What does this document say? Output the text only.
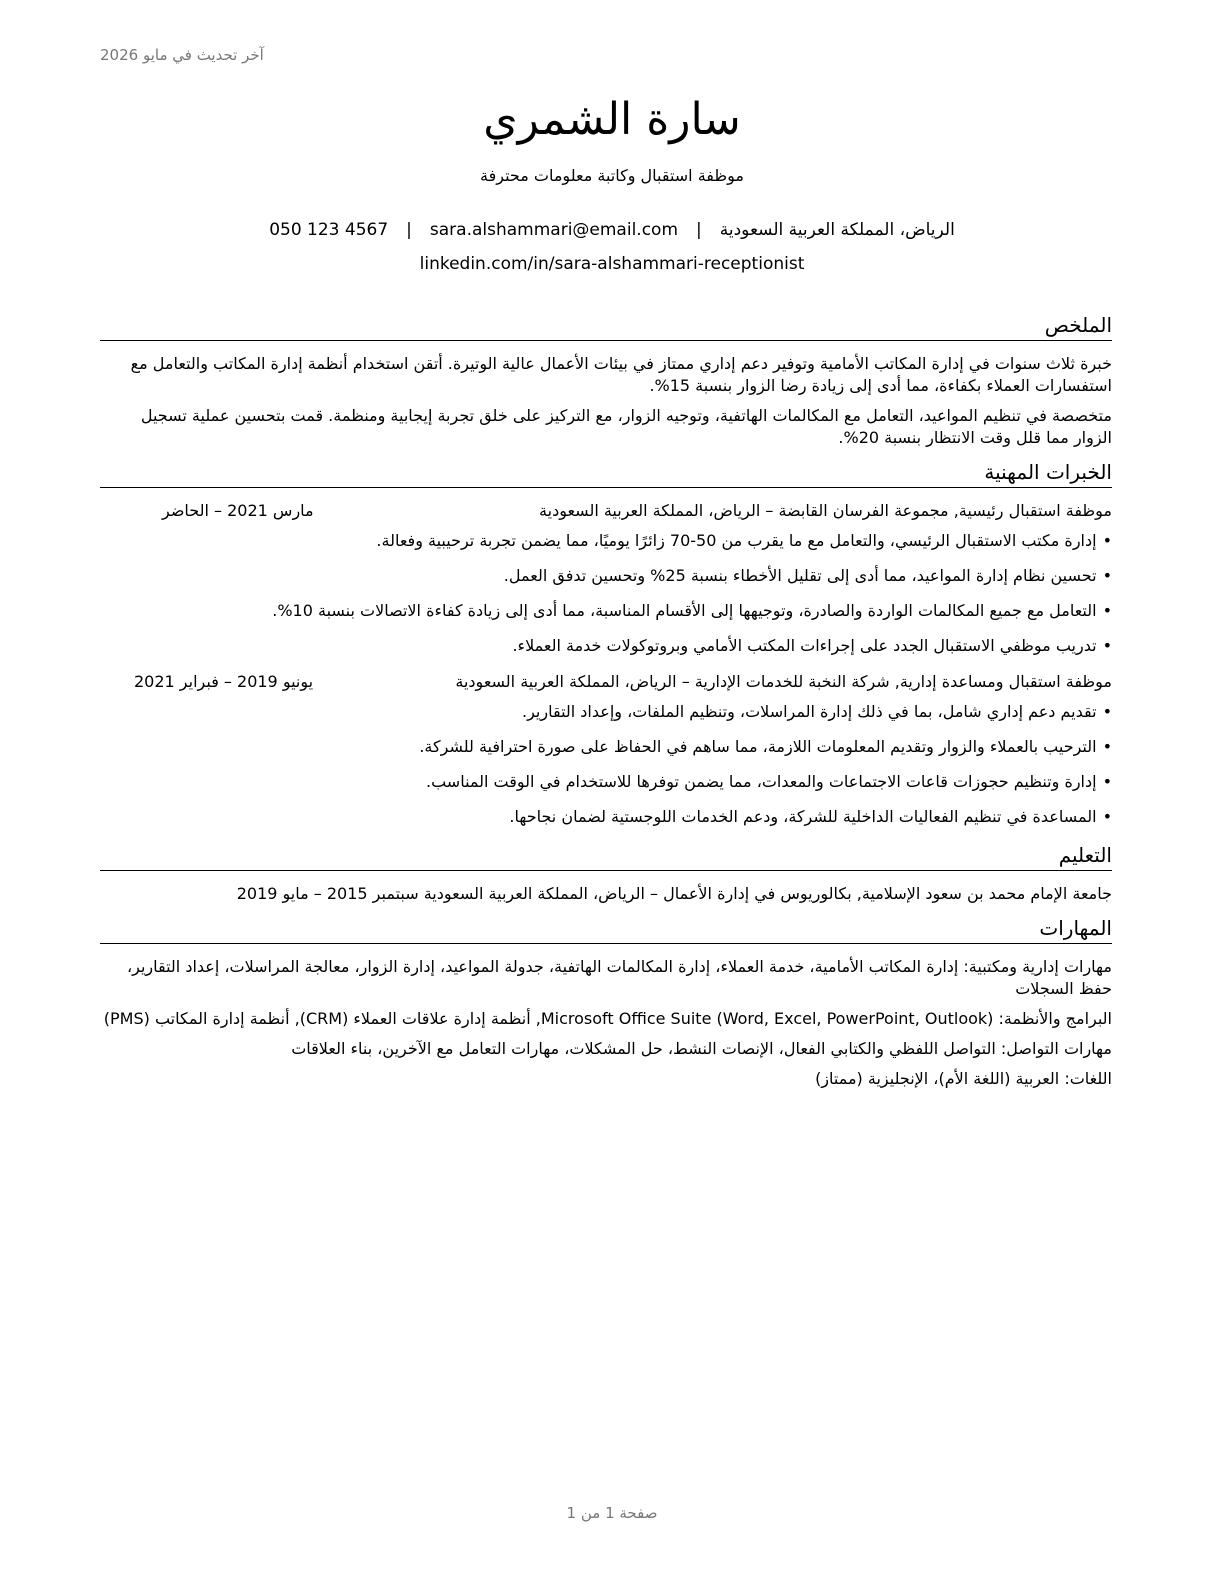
آخر تحديث في مايو 2026
سارة الشمري
موظفة استقبال وكاتبة معلومات محترفة
الرياض، المملكة العربية السعودية|sara.alshammari@email.com|050 123 4567
linkedin.com/in/sara-alshammari-receptionist
الملخص

خبرة ثلاث سنوات في إدارة المكاتب الأمامية وتوفير دعم إداري ممتاز في بيئات الأعمال عالية الوتيرة. أتقن استخدام أنظمة إدارة المكاتب والتعامل مع استفسارات العملاء بكفاءة، مما أدى إلى زيادة رضا الزوار بنسبة 15%.

متخصصة في تنظيم المواعيد، التعامل مع المكالمات الهاتفية، وتوجيه الزوار، مع التركيز على خلق تجربة إيجابية ومنظمة. قمت بتحسين عملية تسجيل الزوار مما قلل وقت الانتظار بنسبة 20%.

الخبرات المهنية
موظفة استقبال رئيسية, مجموعة الفرسان القابضة – الرياض، المملكة العربية السعودية
مارس 2021 – الحاضر
• إدارة مكتب الاستقبال الرئيسي، والتعامل مع ما يقرب من 50-70 زائرًا يوميًا، مما يضمن تجربة ترحيبية وفعالة.
• تحسين نظام إدارة المواعيد، مما أدى إلى تقليل الأخطاء بنسبة 25% وتحسين تدفق العمل.
• التعامل مع جميع المكالمات الواردة والصادرة، وتوجيهها إلى الأقسام المناسبة، مما أدى إلى زيادة كفاءة الاتصالات بنسبة 10%.
• تدريب موظفي الاستقبال الجدد على إجراءات المكتب الأمامي وبروتوكولات خدمة العملاء.
موظفة استقبال ومساعدة إدارية, شركة النخبة للخدمات الإدارية – الرياض، المملكة العربية السعودية
يونيو 2019 – فبراير 2021
• تقديم دعم إداري شامل، بما في ذلك إدارة المراسلات، وتنظيم الملفات، وإعداد التقارير.
• الترحيب بالعملاء والزوار وتقديم المعلومات اللازمة، مما ساهم في الحفاظ على صورة احترافية للشركة.
• إدارة وتنظيم حجوزات قاعات الاجتماعات والمعدات، مما يضمن توفرها للاستخدام في الوقت المناسب.
• المساعدة في تنظيم الفعاليات الداخلية للشركة، ودعم الخدمات اللوجستية لضمان نجاحها.
التعليم
جامعة الإمام محمد بن سعود الإسلامية, بكالوريوس في إدارة الأعمال – الرياض، المملكة العربية السعودية سبتمبر 2015 – مايو 2019
المهارات
مهارات إدارية ومكتبية: إدارة المكاتب الأمامية، خدمة العملاء، إدارة المكالمات الهاتفية، جدولة المواعيد، إدارة الزوار، معالجة المراسلات، إعداد التقارير، حفظ السجلات
البرامج والأنظمة: Microsoft Office Suite (Word, Excel, PowerPoint, Outlook), أنظمة إدارة علاقات العملاء (CRM), أنظمة إدارة المكاتب (PMS)
مهارات التواصل: التواصل اللفظي والكتابي الفعال، الإنصات النشط، حل المشكلات، مهارات التعامل مع الآخرين، بناء العلاقات
اللغات: العربية (اللغة الأم)، الإنجليزية (ممتاز)
صفحة 1 من 1
